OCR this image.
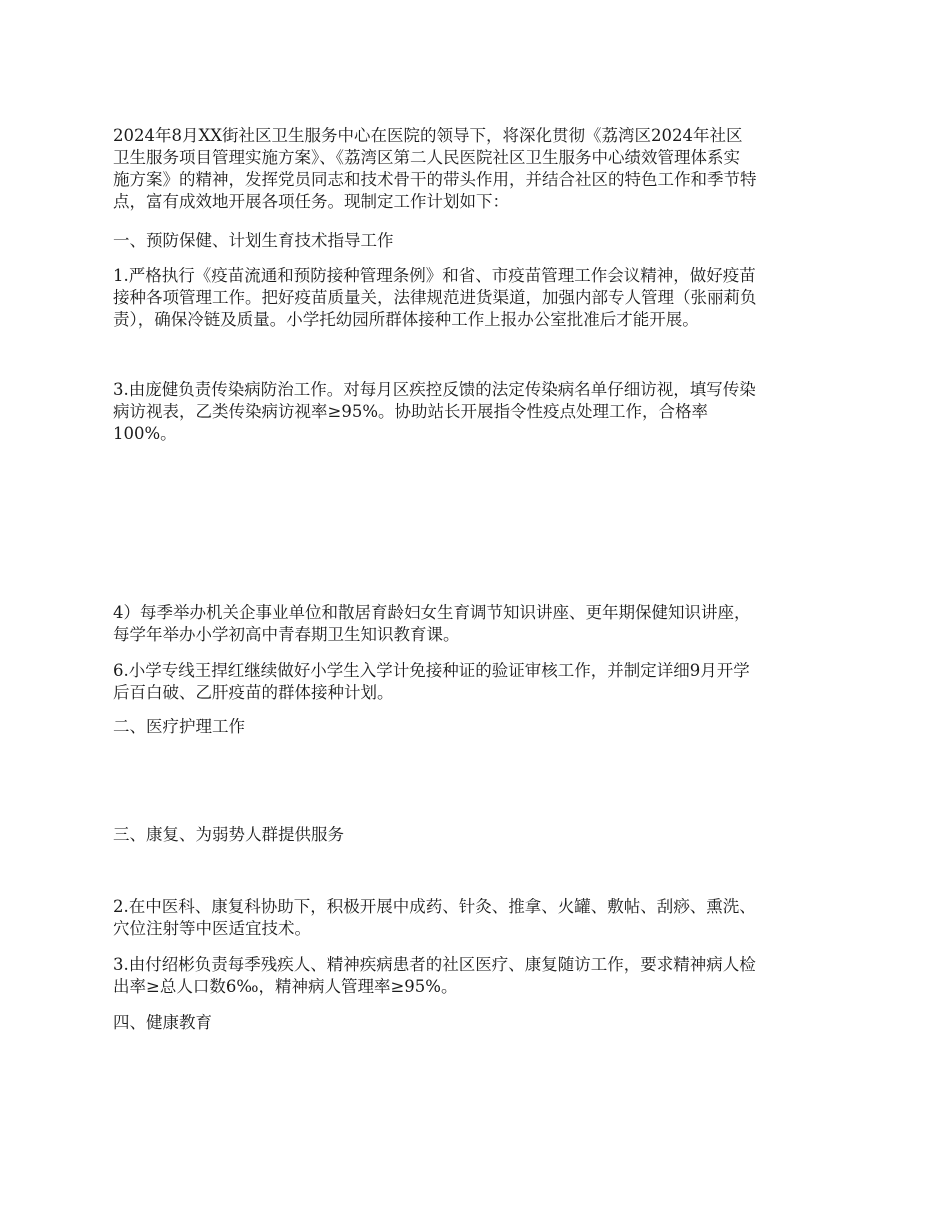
2024年8月XX街社区卫生服务中心在医院的领导下，将深化贯彻《荔湾区2024年社区
卫生服务项目管理实施方案》、《荔湾区第二人民医院社区卫生服务中心绩效管理体系实
施方案》的精神，发挥党员同志和技术骨干的带头作用，并结合社区的特色工作和季节特
点，富有成效地开展各项任务。现制定工作计划如下：

一、预防保健、计划生育技术指导工作

1.严格执行《疫苗流通和预防接种管理条例》和省、市疫苗管理工作会议精神，做好疫苗
接种各项管理工作。把好疫苗质量关，法律规范进货渠道，加强内部专人管理（张丽莉负
责），确保冷链及质量。小学托幼园所群体接种工作上报办公室批准后才能开展。

3.由庞健负责传染病防治工作。对每月区疾控反馈的法定传染病名单仔细访视，填写传染
病访视表，乙类传染病访视率≥95%。协助站长开展指令性疫点处理工作，合格率
100%。

4）每季举办机关企事业单位和散居育龄妇女生育调节知识讲座、更年期保健知识讲座，
每学年举办小学初高中青春期卫生知识教育课。

6.小学专线王捍红继续做好小学生入学计免接种证的验证审核工作，并制定详细9月开学
后百白破、乙肝疫苗的群体接种计划。

二、医疗护理工作

三、康复、为弱势人群提供服务

2.在中医科、康复科协助下，积极开展中成药、针灸、推拿、火罐、敷帖、刮痧、熏洗、
穴位注射等中医适宜技术。

3.由付绍彬负责每季残疾人、精神疾病患者的社区医疗、康复随访工作，要求精神病人检
出率≥总人口数6‰，精神病人管理率≥95%。

四、健康教育
